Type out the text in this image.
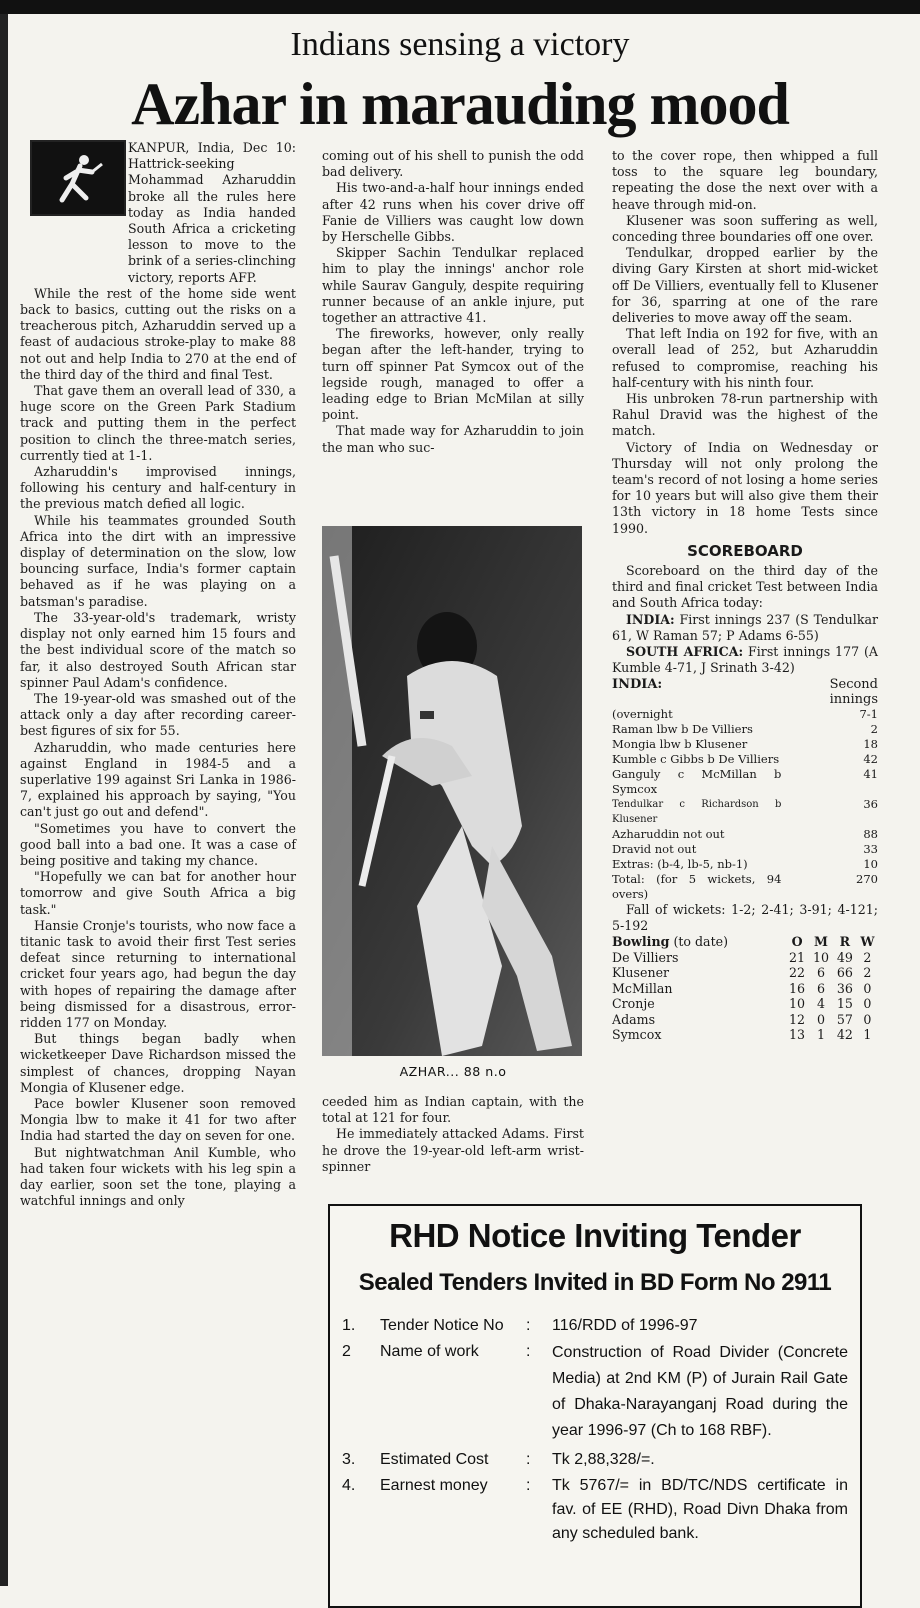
Indians sensing a victory
Azhar in marauding mood

KANPUR, India, Dec 10: Hattrick-seeking Mohammad Azharuddin broke all the rules here today as India handed South Africa a cricketing lesson to move to the brink of a series-clinching victory, reports AFP.

While the rest of the home side went back to basics, cutting out the risks on a treacherous pitch, Azharuddin served up a feast of audacious stroke-play to make 88 not out and help India to 270 at the end of the third day of the third and final Test.

That gave them an overall lead of 330, a huge score on the Green Park Stadium track and putting them in the perfect position to clinch the three-match series, currently tied at 1-1.

Azharuddin's improvised innings, following his century and half-century in the previous match defied all logic.

While his teammates grounded South Africa into the dirt with an impressive display of determination on the slow, low bouncing surface, India's former captain behaved as if he was playing on a batsman's paradise.

The 33-year-old's trademark, wristy display not only earned him 15 fours and the best individual score of the match so far, it also destroyed South African star spinner Paul Adam's confidence.

The 19-year-old was smashed out of the attack only a day after recording career-best figures of six for 55.

Azharuddin, who made centuries here against England in 1984-5 and a superlative 199 against Sri Lanka in 1986-7, explained his approach by saying, "You can't just go out and defend".

"Sometimes you have to convert the good ball into a bad one. It was a case of being positive and taking my chance.

"Hopefully we can bat for another hour tomorrow and give South Africa a big task."

Hansie Cronje's tourists, who now face a titanic task to avoid their first Test series defeat since returning to international cricket four years ago, had begun the day with hopes of repairing the damage after being dismissed for a disastrous, error-ridden 177 on Monday.

But things began badly when wicketkeeper Dave Richardson missed the simplest of chances, dropping Nayan Mongia of Klusener edge.

Pace bowler Klusener soon removed Mongia lbw to make it 41 for two after India had started the day on seven for one.

But nightwatchman Anil Kumble, who had taken four wickets with his leg spin a day earlier, soon set the tone, playing a watchful innings and only

coming out of his shell to punish the odd bad delivery.

His two-and-a-half hour innings ended after 42 runs when his cover drive off Fanie de Villiers was caught low down by Herschelle Gibbs.

Skipper Sachin Tendulkar replaced him to play the innings' anchor role while Saurav Ganguly, despite requiring runner because of an ankle injure, put together an attractive 41.

The fireworks, however, only really began after the left-hander, trying to turn off spinner Pat Symcox out of the legside rough, managed to offer a leading edge to Brian McMilan at silly point.

That made way for Azharuddin to join the man who suc-

AZHAR... 88 n.o

ceeded him as Indian captain, with the total at 121 for four.

He immediately attacked Adams. First he drove the 19-year-old left-arm wrist-spinner

to the cover rope, then whipped a full toss to the square leg boundary, repeating the dose the next over with a heave through mid-on.

Klusener was soon suffering as well, conceding three boundaries off one over.

Tendulkar, dropped earlier by the diving Gary Kirsten at short mid-wicket off De Villiers, eventually fell to Klusener for 36, sparring at one of the rare deliveries to move away off the seam.

That left India on 192 for five, with an overall lead of 252, but Azharuddin refused to compromise, reaching his half-century with his ninth four.

His unbroken 78-run partnership with Rahul Dravid was the highest of the match.

Victory of India on Wednesday or Thursday will not only prolong the team's record of not losing a home series for 10 years but will also give them their 13th victory in 18 home Tests since 1990.

SCOREBOARD

Scoreboard on the third day of the third and final cricket Test between India and South Africa today:

INDIA: First innings 237 (S Tendulkar 61, W Raman 57; P Adams 6-55)

SOUTH AFRICA: First innings 177 (A Kumble 4-71, J Srinath 3-42)

INDIA:	Second innings
(overnight	7-1
Raman lbw b De Villiers	2
Mongia lbw b Klusener	18
Kumble c Gibbs b De Villiers	42
Ganguly c McMillan b Symcox	41
Tendulkar c Richardson b Klusener	36
Azharuddin not out	88
Dravid not out	33
Extras: (b-4, lb-5, nb-1)	10
Total: (for 5 wickets, 94 overs)	270

Fall of wickets: 1-2; 2-41; 3-91; 4-121; 5-192

Bowling (to date)	O	M	R	W
De Villiers	21	10	49	2
Klusener	22	6	66	2
McMillan	16	6	36	0
Cronje	10	4	15	0
Adams	12	0	57	0
Symcox	13	1	42	1
RHD Notice Inviting Tender
Sealed Tenders Invited in BD Form No 2911
1.	Tender Notice No	:	116/RDD of 1996-97
2	Name of work	:	Construction of Road Divider (Concrete Media) at 2nd KM (P) of Jurain Rail Gate of Dhaka-Narayanganj Road during the year 1996-97 (Ch to 168 RBF).
3.	Estimated Cost	:	Tk 2,88,328/=.
4.	Earnest money	:	Tk 5767/= in BD/TC/NDS certificate in fav. of EE (RHD), Road Divn Dhaka from any scheduled bank.
